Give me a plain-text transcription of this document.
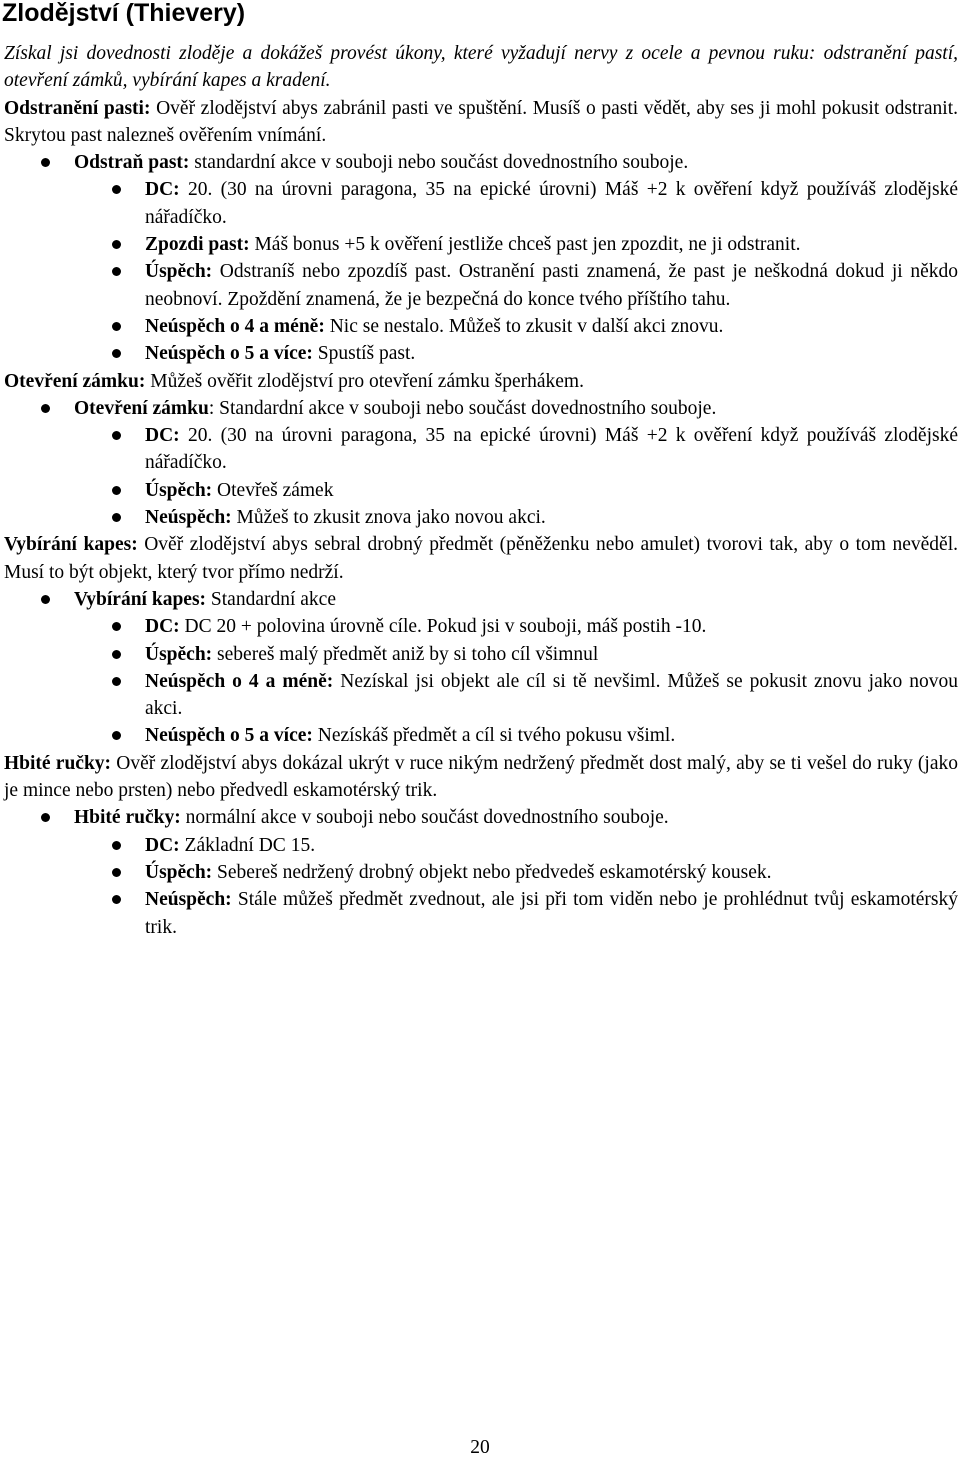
Zlodějství (Thievery)

Získal jsi dovednosti zloděje a dokážeš provést úkony, které vyžadují nervy z ocele a pevnou ruku: odstranění pastí, otevření zámků, vybírání kapes a kradení.

Odstranění pasti: Ověř zlodějství abys zabránil pasti ve spuštění. Musíš o pasti vědět, aby ses ji mohl pokusit odstranit. Skrytou past nalezneš ověřením vnímání.

Odstraň past: standardní akce v souboji nebo součást dovednostního souboje.

DC: 20. (30 na úrovni paragona, 35 na epické úrovni) Máš +2 k ověření když používáš zlodějské nářadíčko.

Zpozdi past: Máš bonus +5 k ověření jestliže chceš past jen zpozdit, ne ji odstranit.

Úspěch: Odstraníš nebo zpozdíš past. Ostranění pasti znamená, že past je neškodná dokud ji někdo neobnoví. Zpoždění znamená, že je bezpečná do konce tvého příštího tahu.

Neúspěch o 4 a méně: Nic se nestalo. Můžeš to zkusit v další akci znovu.

Neúspěch o 5 a více: Spustíš past.

Otevření zámku: Můžeš ověřit zlodějství pro otevření zámku šperhákem.

Otevření zámku: Standardní akce v souboji nebo součást dovednostního souboje.

DC: 20. (30 na úrovni paragona, 35 na epické úrovni) Máš +2 k ověření když používáš zlodějské nářadíčko.

Úspěch: Otevřeš zámek

Neúspěch: Můžeš to zkusit znova jako novou akci.

Vybírání kapes: Ověř zlodějství abys sebral drobný předmět (pěněženku nebo amulet) tvorovi tak, aby o tom nevěděl. Musí to být objekt, který tvor přímo nedrží.

Vybírání kapes: Standardní akce

DC: DC 20 + polovina úrovně cíle. Pokud jsi v souboji, máš postih -10.

Úspěch: sebereš malý předmět aniž by si toho cíl všimnul

Neúspěch o 4 a méně: Nezískal jsi objekt ale cíl si tě nevšiml. Můžeš se pokusit znovu jako novou akci.

Neúspěch o 5 a více: Nezískáš předmět a cíl si tvého pokusu všiml.

Hbité ručky: Ověř zlodějství abys dokázal ukrýt v ruce nikým nedržený předmět dost malý, aby se ti vešel do ruky (jako je mince nebo prsten) nebo předvedl eskamotérský trik.

Hbité ručky: normální akce v souboji nebo součást dovednostního souboje.

DC: Základní DC 15.

Úspěch: Sebereš nedržený drobný objekt nebo předvedeš eskamotérský kousek.

Neúspěch: Stále můžeš předmět zvednout, ale jsi při tom viděn nebo je prohlédnut tvůj eskamotérský trik.

20
